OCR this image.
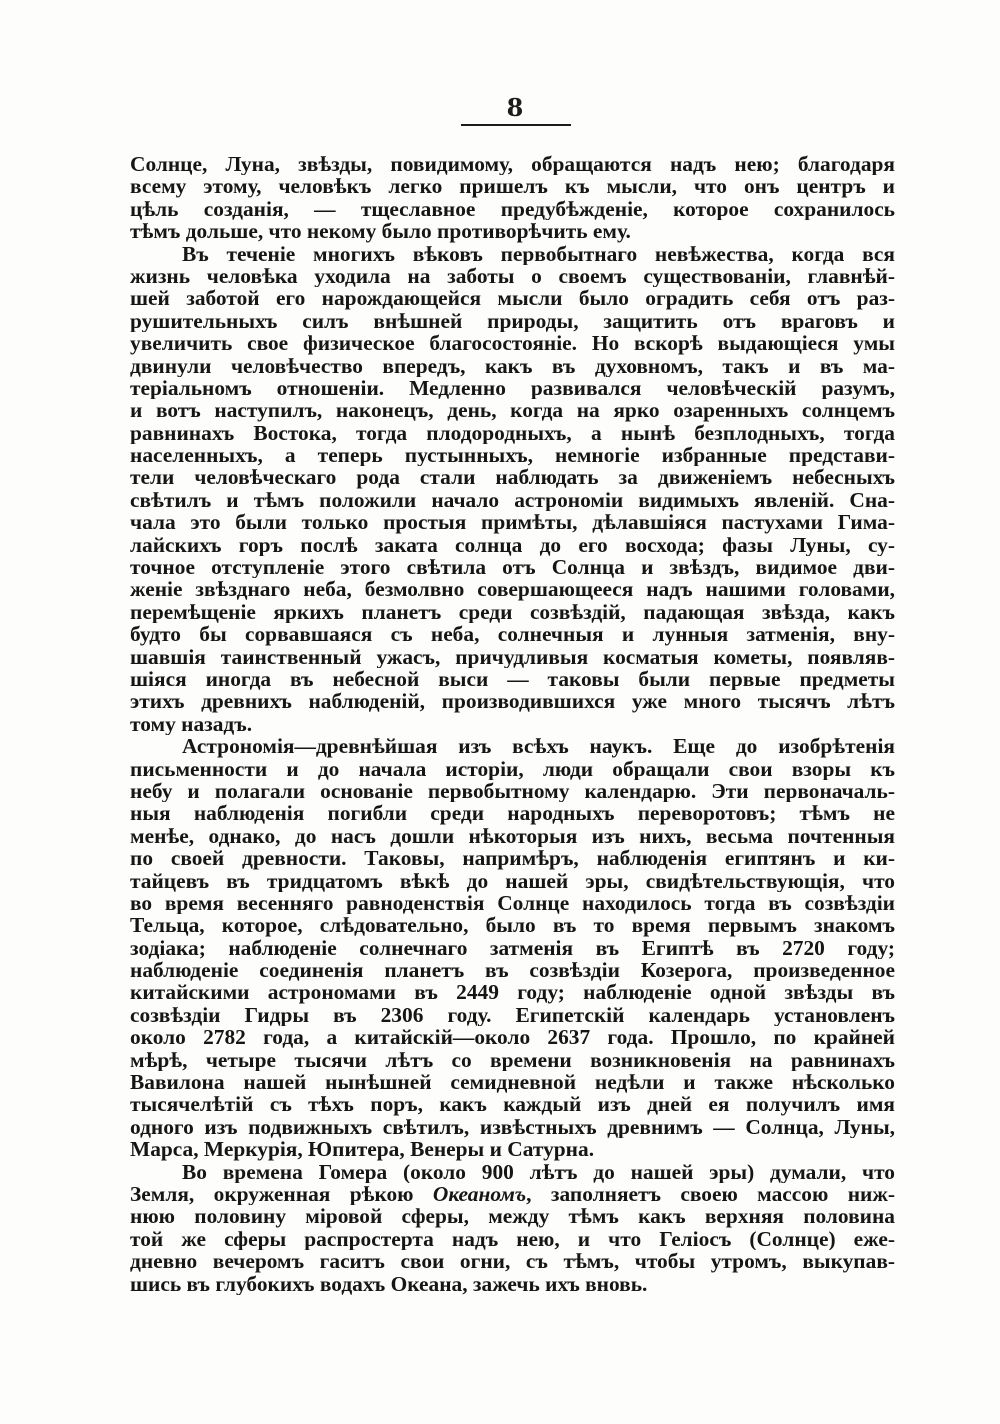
8
Солнце, Луна, звѣзды, повидимому, обращаются надъ нею; благодаря
всему этому, человѣкъ легко пришелъ къ мысли, что онъ центръ и
цѣль созданія, — тщеславное предубѣжденіе, которое сохранилось
тѣмъ дольше, что некому было противорѣчить ему.
Въ теченіе многихъ вѣковъ первобытнаго невѣжества, когда вся
жизнь человѣка уходила на заботы о своемъ существованіи, главнѣй-
шей заботой его нарождающейся мысли было оградить себя отъ раз-
рушительныхъ силъ внѣшней природы, защитить отъ враговъ и
увеличить свое физическое благосостояніе. Но вскорѣ выдающіеся умы
двинули человѣчество впередъ, какъ въ духовномъ, такъ и въ ма-
теріальномъ отношеніи. Медленно развивался человѣческій разумъ,
и вотъ наступилъ, наконецъ, день, когда на ярко озаренныхъ солнцемъ
равнинахъ Востока, тогда плодородныхъ, а нынѣ безплодныхъ, тогда
населенныхъ, а теперь пустынныхъ, немногіе избранные представи-
тели человѣческаго рода стали наблюдать за движеніемъ небесныхъ
свѣтилъ и тѣмъ положили начало астрономіи видимыхъ явленій. Сна-
чала это были только простыя примѣты, дѣлавшіяся пастухами Гима-
лайскихъ горъ послѣ заката солнца до его восхода; фазы Луны, су-
точное отступленіе этого свѣтила отъ Солнца и звѣздъ, видимое дви-
женіе звѣзднаго неба, безмолвно совершающееся надъ нашими головами,
перемѣщеніе яркихъ планетъ среди созвѣздій, падающая звѣзда, какъ
будто бы сорвавшаяся съ неба, солнечныя и лунныя затменія, вну-
шавшія таинственный ужасъ, причудливыя косматыя кометы, появляв-
шіяся иногда въ небесной выси — таковы были первые предметы
этихъ древнихъ наблюденій, производившихся уже много тысячъ лѣтъ
тому назадъ.
Астрономія—древнѣйшая изъ всѣхъ наукъ. Еще до изобрѣтенія
письменности и до начала исторіи, люди обращали свои взоры къ
небу и полагали основаніе первобытному календарю. Эти первоначаль-
ныя наблюденія погибли среди народныхъ переворотовъ; тѣмъ не
менѣе, однако, до насъ дошли нѣкоторыя изъ нихъ, весьма почтенныя
по своей древности. Таковы, напримѣръ, наблюденія египтянъ и ки-
тайцевъ въ тридцатомъ вѣкѣ до нашей эры, свидѣтельствующія, что
во время весенняго равноденствія Солнце находилось тогда въ созвѣздіи
Тельца, которое, слѣдовательно, было въ то время первымъ знакомъ
зодіака; наблюденіе солнечнаго затменія въ Египтѣ въ 2720 году;
наблюденіе соединенія планетъ въ созвѣздіи Козерога, произведенное
китайскими астрономами въ 2449 году; наблюденіе одной звѣзды въ
созвѣздіи Гидры въ 2306 году. Египетскій календарь установленъ
около 2782 года, а китайскій—около 2637 года. Прошло, по крайней
мѣрѣ, четыре тысячи лѣтъ со времени возникновенія на равнинахъ
Вавилона нашей нынѣшней семидневной недѣли и также нѣсколько
тысячелѣтій съ тѣхъ поръ, какъ каждый изъ дней ея получилъ имя
одного изъ подвижныхъ свѣтилъ, извѣстныхъ древнимъ — Солнца, Луны,
Марса, Меркурія, Юпитера, Венеры и Сатурна.
Во времена Гомера (около 900 лѣтъ до нашей эры) думали, что
Земля, окруженная рѣкою Океаномъ, заполняетъ своею массою ниж-
нюю половину міровой сферы, между тѣмъ какъ верхняя половина
той же сферы распростерта надъ нею, и что Геліосъ (Солнце) еже-
дневно вечеромъ гаситъ свои огни, съ тѣмъ, чтобы утромъ, выкупав-
шись въ глубокихъ водахъ Океана, зажечь ихъ вновь.
